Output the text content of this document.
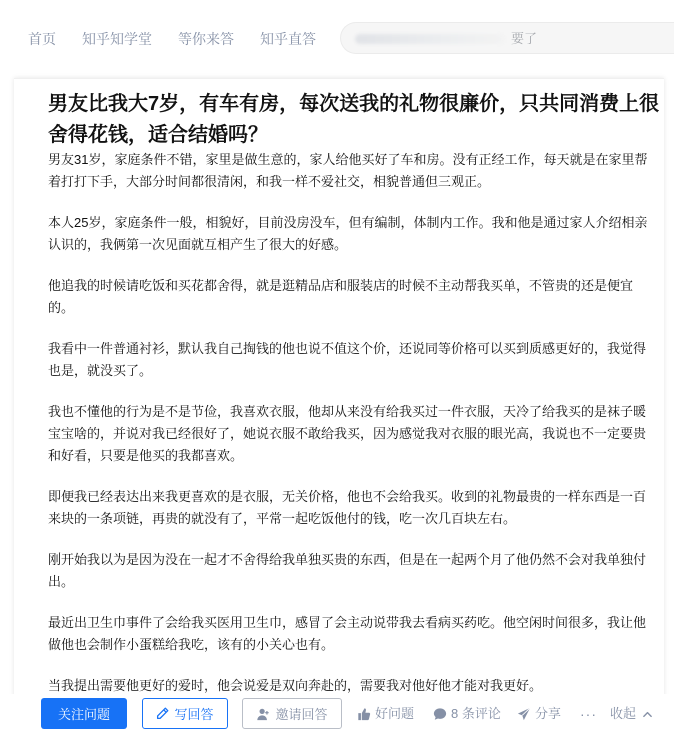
首页 知乎知学堂 等你来答 知乎直答	要了
男友比我大7岁，有车有房，每次送我的礼物很廉价，只共同消费上很舍得花钱，适合结婚吗？

男友31岁，家庭条件不错，家里是做生意的，家人给他买好了车和房。没有正经工作，每天就是在家里帮着打打下手，大部分时间都很清闲，和我一样不爱社交，相貌普通但三观正。

本人25岁，家庭条件一般，相貌好，目前没房没车，但有编制，体制内工作。我和他是通过家人介绍相亲认识的，我俩第一次见面就互相产生了很大的好感。

他追我的时候请吃饭和买花都舍得，就是逛精品店和服装店的时候不主动帮我买单，不管贵的还是便宜的。

我看中一件普通衬衫，默认我自己掏钱的他也说不值这个价，还说同等价格可以买到质感更好的，我觉得也是，就没买了。

我也不懂他的行为是不是节俭，我喜欢衣服，他却从来没有给我买过一件衣服，天冷了给我买的是袜子暖宝宝啥的，并说对我已经很好了，她说衣服不敢给我买，因为感觉我对衣服的眼光高，我说也不一定要贵和好看，只要是他买的我都喜欢。

即便我已经表达出来我更喜欢的是衣服，无关价格，他也不会给我买。收到的礼物最贵的一样东西是一百来块的一条项链，再贵的就没有了，平常一起吃饭他付的钱，吃一次几百块左右。

刚开始我以为是因为没在一起才不舍得给我单独买贵的东西，但是在一起两个月了他仍然不会对我单独付出。

最近出卫生巾事件了会给我买医用卫生巾，感冒了会主动说带我去看病买药吃。他空闲时间很多，我让他做他也会制作小蛋糕给我吃，该有的小关心也有。

当我提出需要他更好的爱时，他会说爱是双向奔赴的，需要我对他好他才能对我更好。

关注问题	写回答	邀请回答	好问题	8 条评论	分享 ··· 收起
